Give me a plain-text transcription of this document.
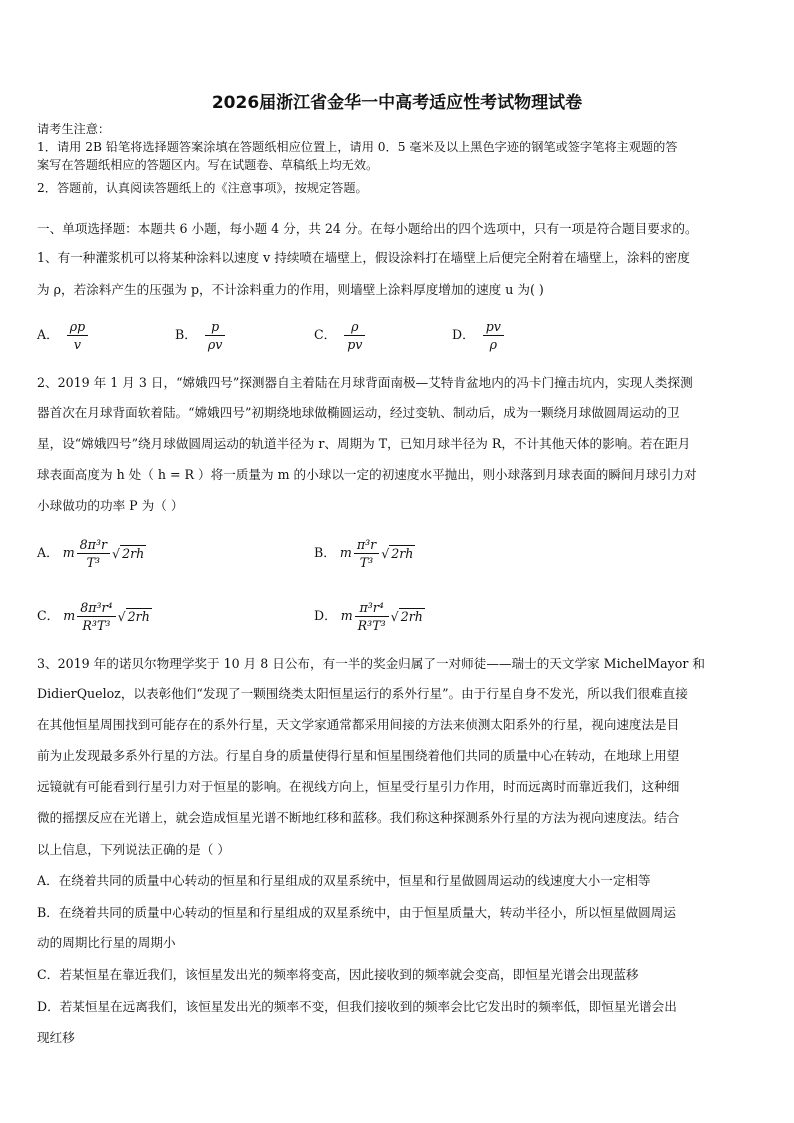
2026届浙江省金华一中高考适应性考试物理试卷
请考生注意：
1．请用 2B 铅笔将选择题答案涂填在答题纸相应位置上，请用 0．5 毫米及以上黑色字迹的钢笔或签字笔将主观题的答
案写在答题纸相应的答题区内。写在试题卷、草稿纸上均无效。
2．答题前，认真阅读答题纸上的《注意事项》，按规定答题。
一、单项选择题：本题共 6 小题，每小题 4 分，共 24 分。在每小题给出的四个选项中，只有一项是符合题目要求的。
1、有一种灌浆机可以将某种涂料以速度 v 持续喷在墙壁上，假设涂料打在墙壁上后便完全附着在墙壁上，涂料的密度
为 ρ，若涂料产生的压强为 p，不计涂料重力的作用，则墙壁上涂料厚度增加的速度 u 为( )
A． $\frac{\rho p}{v}$	B． $\frac{p}{\rho v}$	C． $\frac{\rho}{pv}$	D． $\frac{pv}{\rho}$
2、2019 年 1 月 3 日，“嫦娥四号”探测器自主着陆在月球背面南极—艾特肯盆地内的冯卡门撞击坑内，实现人类探测
器首次在月球背面软着陆。“嫦娥四号”初期绕地球做椭圆运动，经过变轨、制动后，成为一颗绕月球做圆周运动的卫
星，设“嫦娥四号”绕月球做圆周运动的轨道半径为 r、周期为 T，已知月球半径为 R，不计其他天体的影响。若在距月
球表面高度为 h 处（ h = R ）将一质量为 m 的小球以一定的初速度水平抛出，则小球落到月球表面的瞬间月球引力对
小球做功的功率 P 为（ ）
A． m $\frac{\text{8π³r}}{\text{T³}}$ √ 2rh	B． m $\frac{\text{π³r}}{\text{T³}}$ √ 2rh
C． m $\frac{\text{8π³r⁴}}{\text{R³T³}}$ √ 2rh	D． m $\frac{\text{π³r⁴}}{\text{R³T³}}$ √ 2rh
3、2019 年的诺贝尔物理学奖于 10 月 8 日公布，有一半的奖金归属了一对师徒——瑞士的天文学家 MichelMayor 和
DidierQueloz，以表彰他们“发现了一颗围绕类太阳恒星运行的系外行星”。由于行星自身不发光，所以我们很难直接
在其他恒星周围找到可能存在的系外行星，天文学家通常都采用间接的方法来侦测太阳系外的行星，视向速度法是目
前为止发现最多系外行星的方法。行星自身的质量使得行星和恒星围绕着他们共同的质量中心在转动，在地球上用望
远镜就有可能看到行星引力对于恒星的影响。在视线方向上，恒星受行星引力作用，时而远离时而靠近我们，这种细
微的摇摆反应在光谱上，就会造成恒星光谱不断地红移和蓝移。我们称这种探测系外行星的方法为视向速度法。结合
以上信息，下列说法正确的是（ ）
A．在绕着共同的质量中心转动的恒星和行星组成的双星系统中，恒星和行星做圆周运动的线速度大小一定相等
B．在绕着共同的质量中心转动的恒星和行星组成的双星系统中，由于恒星质量大，转动半径小，所以恒星做圆周运
动的周期比行星的周期小
C．若某恒星在靠近我们，该恒星发出光的频率将变高，因此接收到的频率就会变高，即恒星光谱会出现蓝移
D．若某恒星在远离我们，该恒星发出光的频率不变，但我们接收到的频率会比它发出时的频率低，即恒星光谱会出
现红移
